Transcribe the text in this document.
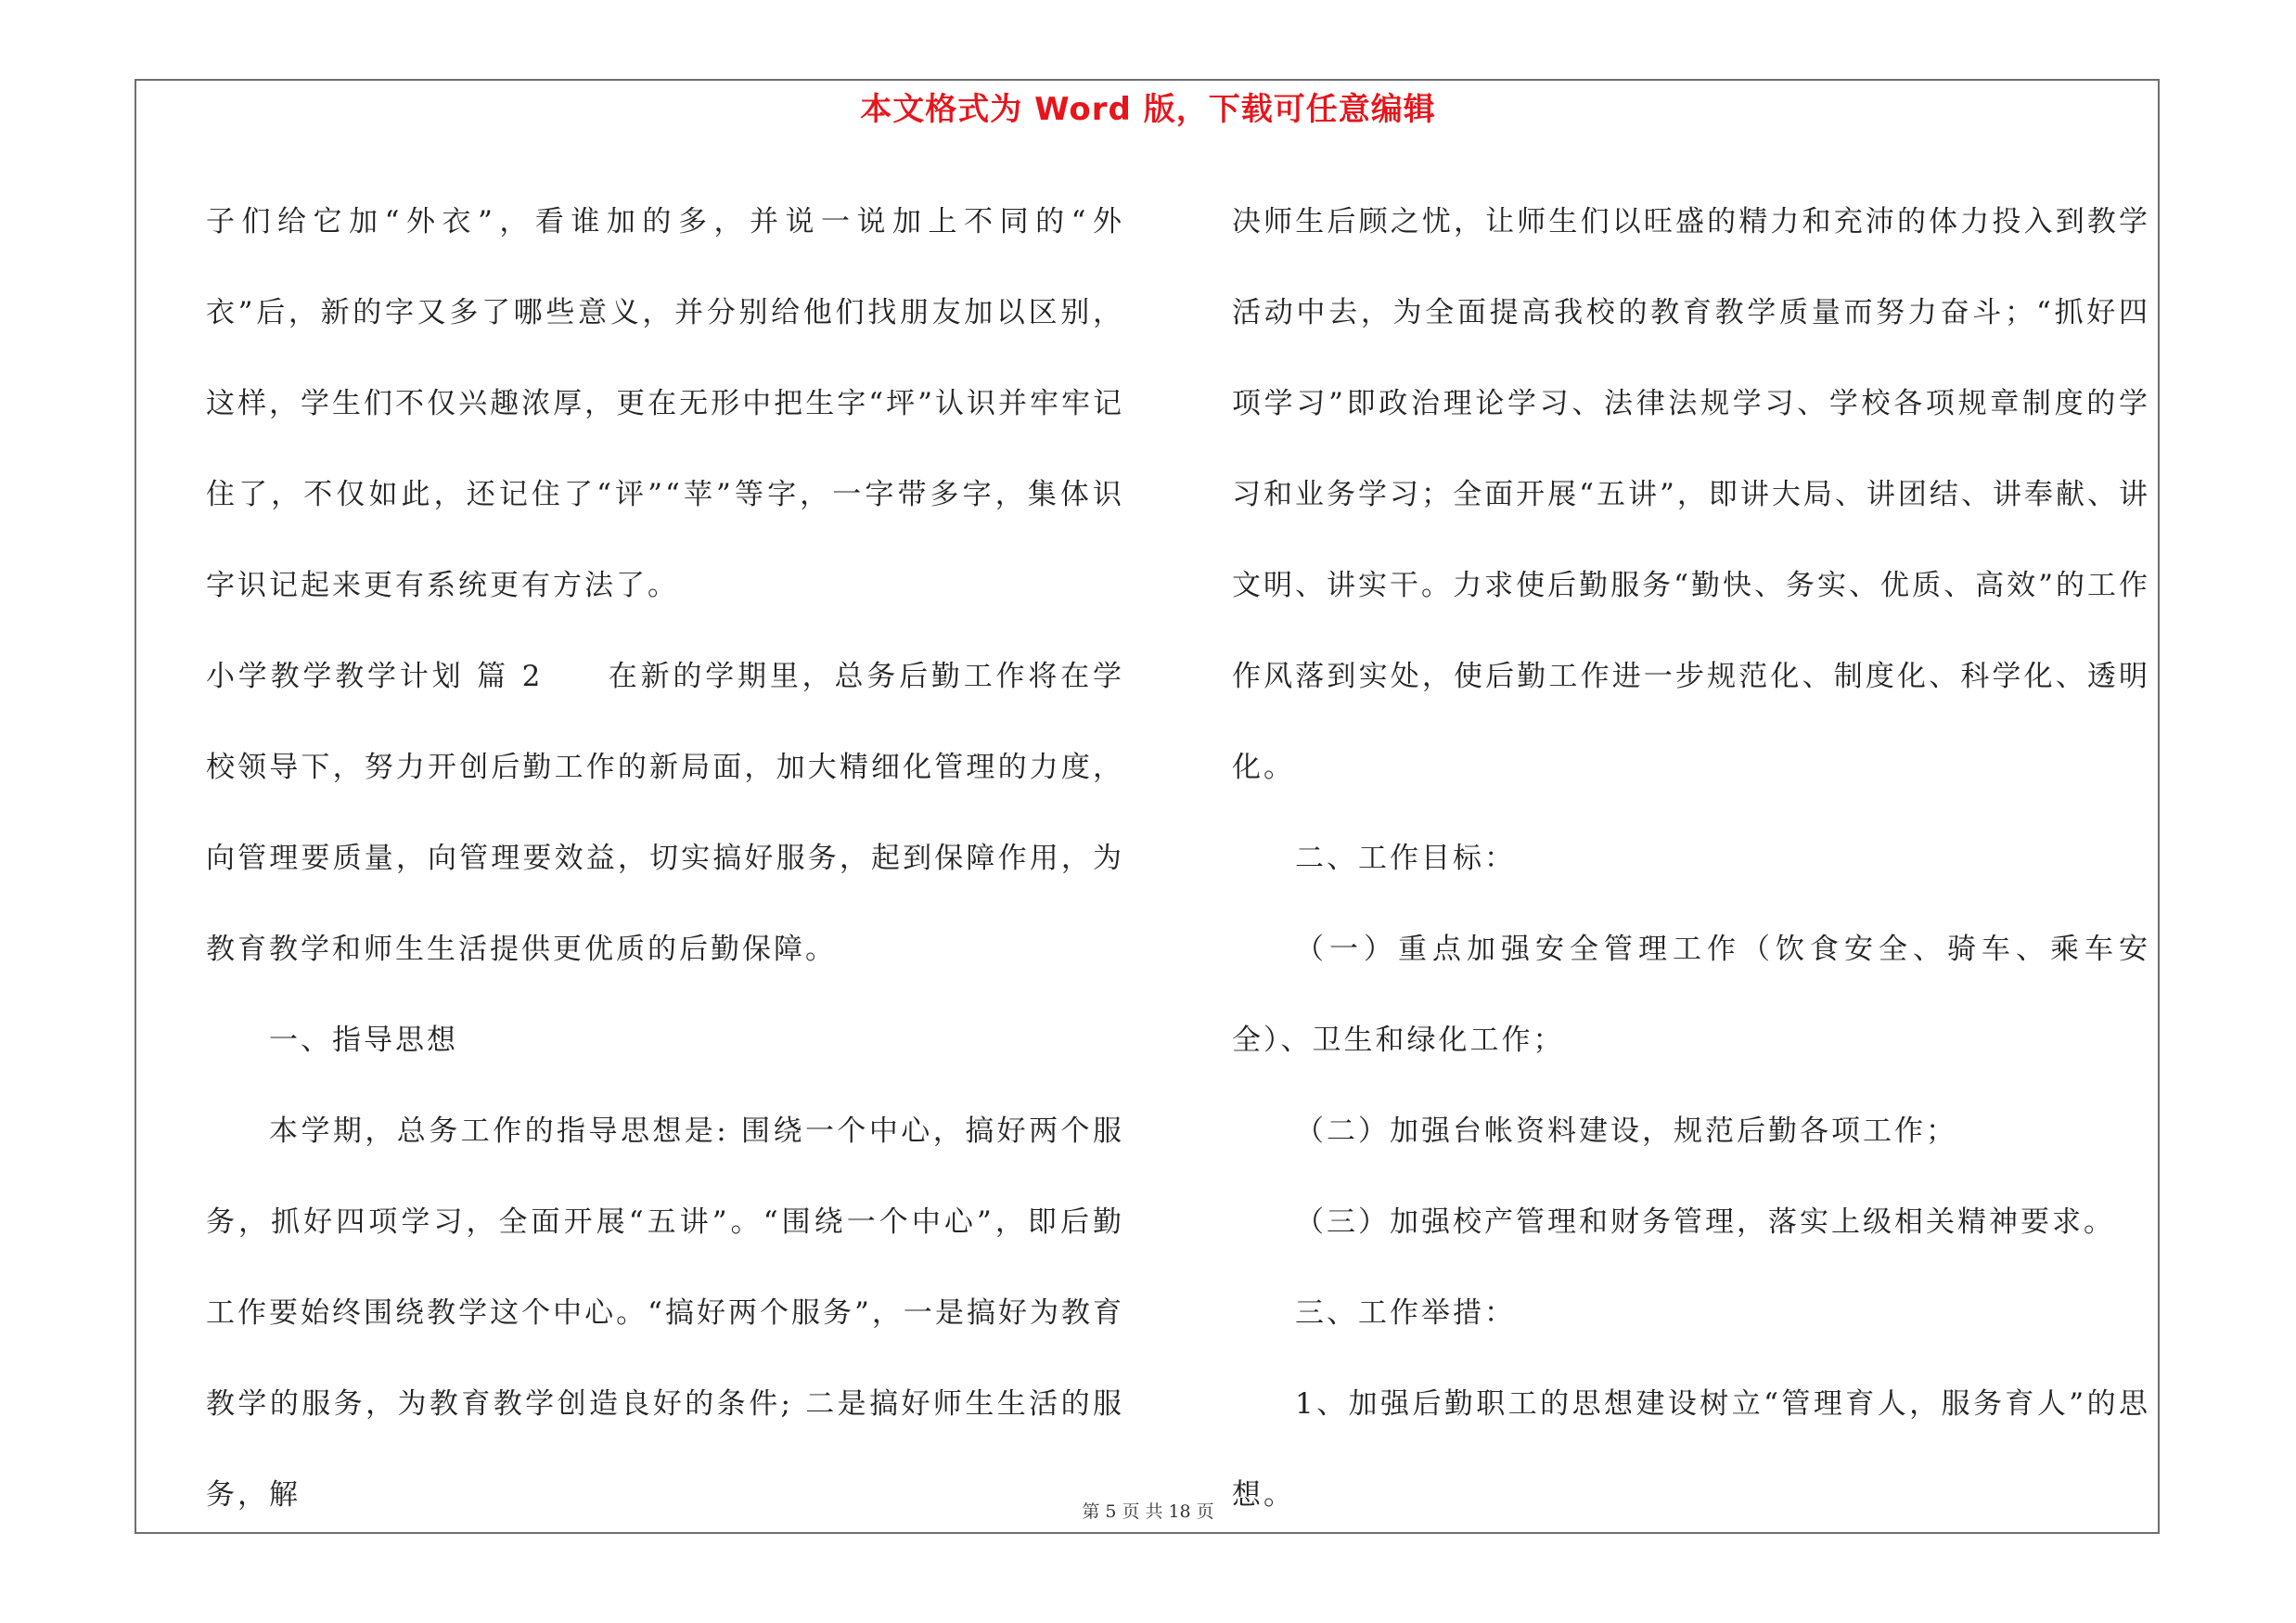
本文格式为 Word 版，下载可任意编辑

子们给它加“外衣”，看谁加的多，并说一说加上不同的“外衣”后，新的字又多了哪些意义，并分别给他们找朋友加以区别，这样，学生们不仅兴趣浓厚，更在无形中把生字“坪”认识并牢牢记住了，不仅如此，还记住了“评”“苹”等字，一字带多字，集体识字识记起来更有系统更有方法了。

小学教学教学计划 篇 2　　在新的学期里，总务后勤工作将在学校领导下，努力开创后勤工作的新局面，加大精细化管理的力度，向管理要质量，向管理要效益，切实搞好服务，起到保障作用，为教育教学和师生生活提供更优质的后勤保障。

一、指导思想

本学期，总务工作的指导思想是: 围绕一个中心，搞好两个服务，抓好四项学习，全面开展“五讲”。“围绕一个中心”，即后勤工作要始终围绕教学这个中心。“搞好两个服务”，一是搞好为教育教学的服务，为教育教学创造良好的条件; 二是搞好师生生活的服务，解

决师生后顾之忧，让师生们以旺盛的精力和充沛的体力投入到教学活动中去，为全面提高我校的教育教学质量而努力奋斗；“抓好四项学习”即政治理论学习、法律法规学习、学校各项规章制度的学习和业务学习；全面开展“五讲”，即讲大局、讲团结、讲奉献、讲文明、讲实干。力求使后勤服务“勤快、务实、优质、高效”的工作作风落到实处，使后勤工作进一步规范化、制度化、科学化、透明化。

二、工作目标：

（一）重点加强安全管理工作（饮食安全、骑车、乘车安全）、卫生和绿化工作；

（二）加强台帐资料建设，规范后勤各项工作；

（三）加强校产管理和财务管理，落实上级相关精神要求。

三、工作举措：

1、加强后勤职工的思想建设树立“管理育人，服务育人”的思想。

第 5 页 共 18 页
